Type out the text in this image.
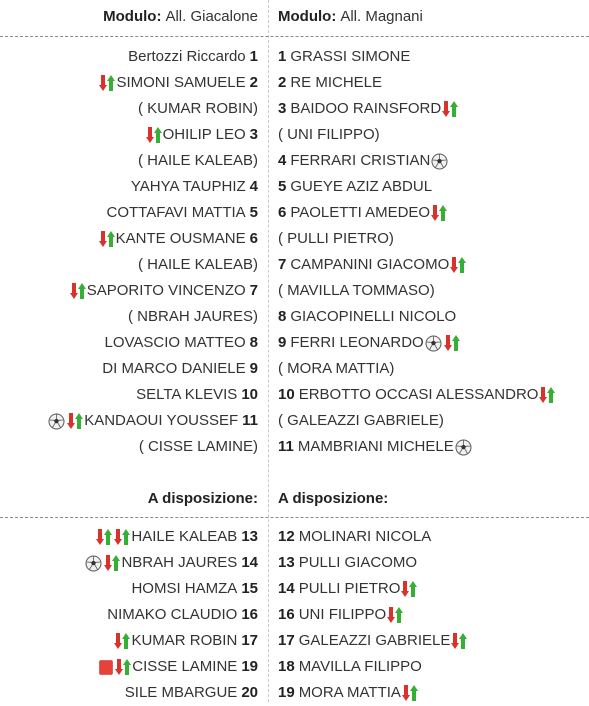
Modulo: All. Giacalone Modulo: All. Magnani
Bertozzi Riccardo 1 1 GRASSI SIMONE
SIMONI SAMUELE 2 2 RE MICHELE
( KUMAR ROBIN) 3 BAIDOO RAINSFORD
OHILIP LEO 3 ( UNI FILIPPO)
( HAILE KALEAB) 4 FERRARI CRISTIAN
YAHYA TAUPHIZ 4 5 GUEYE AZIZ ABDUL
COTTAFAVI MATTIA 5 6 PAOLETTI AMEDEO
KANTE OUSMANE 6 ( PULLI PIETRO)
( HAILE KALEAB) 7 CAMPANINI GIACOMO
SAPORITO VINCENZO 7 ( MAVILLA TOMMASO)
( NBRAH JAURES) 8 GIACOPINELLI NICOLO
LOVASCIO MATTEO 8 9 FERRI LEONARDO
DI MARCO DANIELE 9 ( MORA MATTIA)
SELTA KLEVIS 10 10 ERBOTTO OCCASI ALESSANDRO
KANDAOUI YOUSSEF 11 ( GALEAZZI GABRIELE)
( CISSE LAMINE) 11 MAMBRIANI MICHELE
A disposizione: A disposizione:
HAILE KALEAB 13 12 MOLINARI NICOLA
NBRAH JAURES 14 13 PULLI GIACOMO
HOMSI HAMZA 15 14 PULLI PIETRO
NIMAKO CLAUDIO 16 16 UNI FILIPPO
KUMAR ROBIN 17 17 GALEAZZI GABRIELE
CISSE LAMINE 19 18 MAVILLA FILIPPO
SILE MBARGUE 20 19 MORA MATTIA
